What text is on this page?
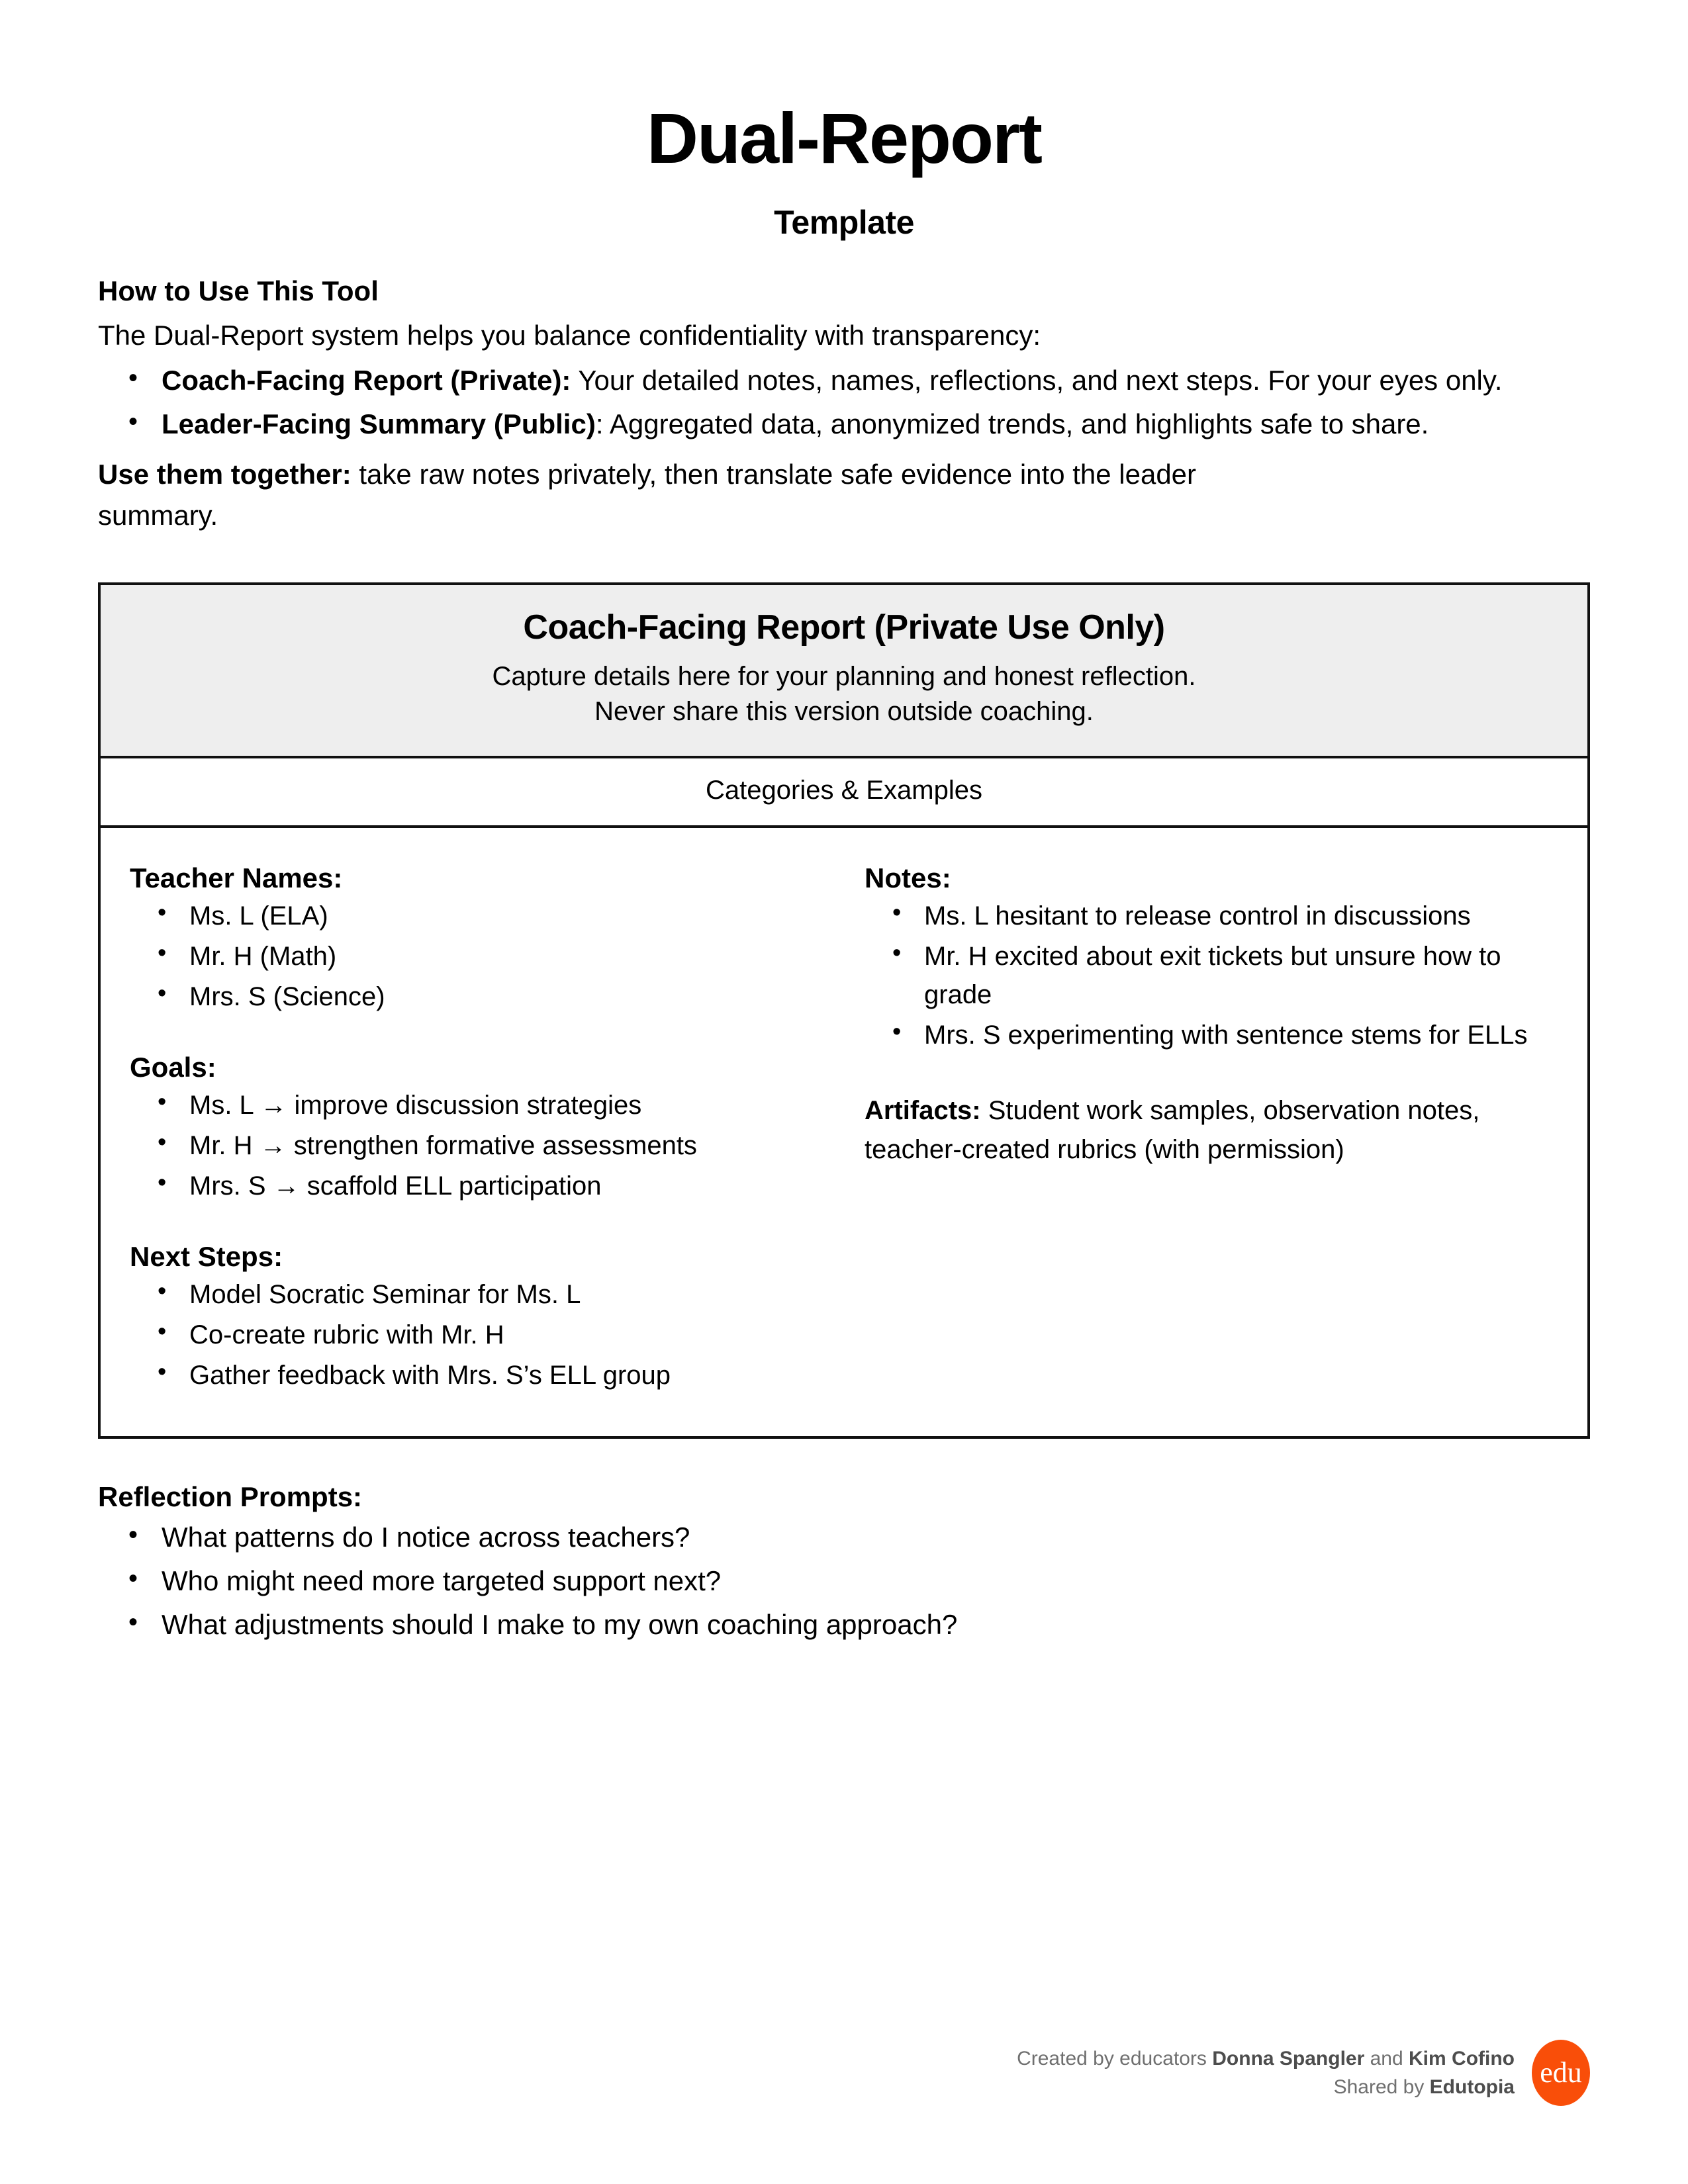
Dual-Report
Template

How to Use This Tool

The Dual-Report system helps you balance confidentiality with transparency:

• Coach-Facing Report (Private): Your detailed notes, names, reflections, and next steps. For your eyes only.
• Leader-Facing Summary (Public): Aggregated data, anonymized trends, and highlights safe to share.

Use them together: take raw notes privately, then translate safe evidence into the leader summary.

Coach-Facing Report (Private Use Only)

Capture details here for your planning and honest reflection.

Never share this version outside coaching.

Categories & Examples

Teacher Names:

• Ms. L (ELA)
• Mr. H (Math)
• Mrs. S (Science)

Goals:

• Ms. L → improve discussion strategies
• Mr. H → strengthen formative assessments
• Mrs. S → scaffold ELL participation

Next Steps:

• Model Socratic Seminar for Ms. L
• Co-create rubric with Mr. H
• Gather feedback with Mrs. S’s ELL group

Notes:

• Ms. L hesitant to release control in discussions
• Mr. H excited about exit tickets but unsure how to grade
• Mrs. S experimenting with sentence stems for ELLs

Artifacts: Student work samples, observation notes, teacher-created rubrics (with permission)

Reflection Prompts:

• What patterns do I notice across teachers?
• Who might need more targeted support next?
• What adjustments should I make to my own coaching approach?
Created by educators Donna Spangler and Kim Cofino
Shared by Edutopia edu
